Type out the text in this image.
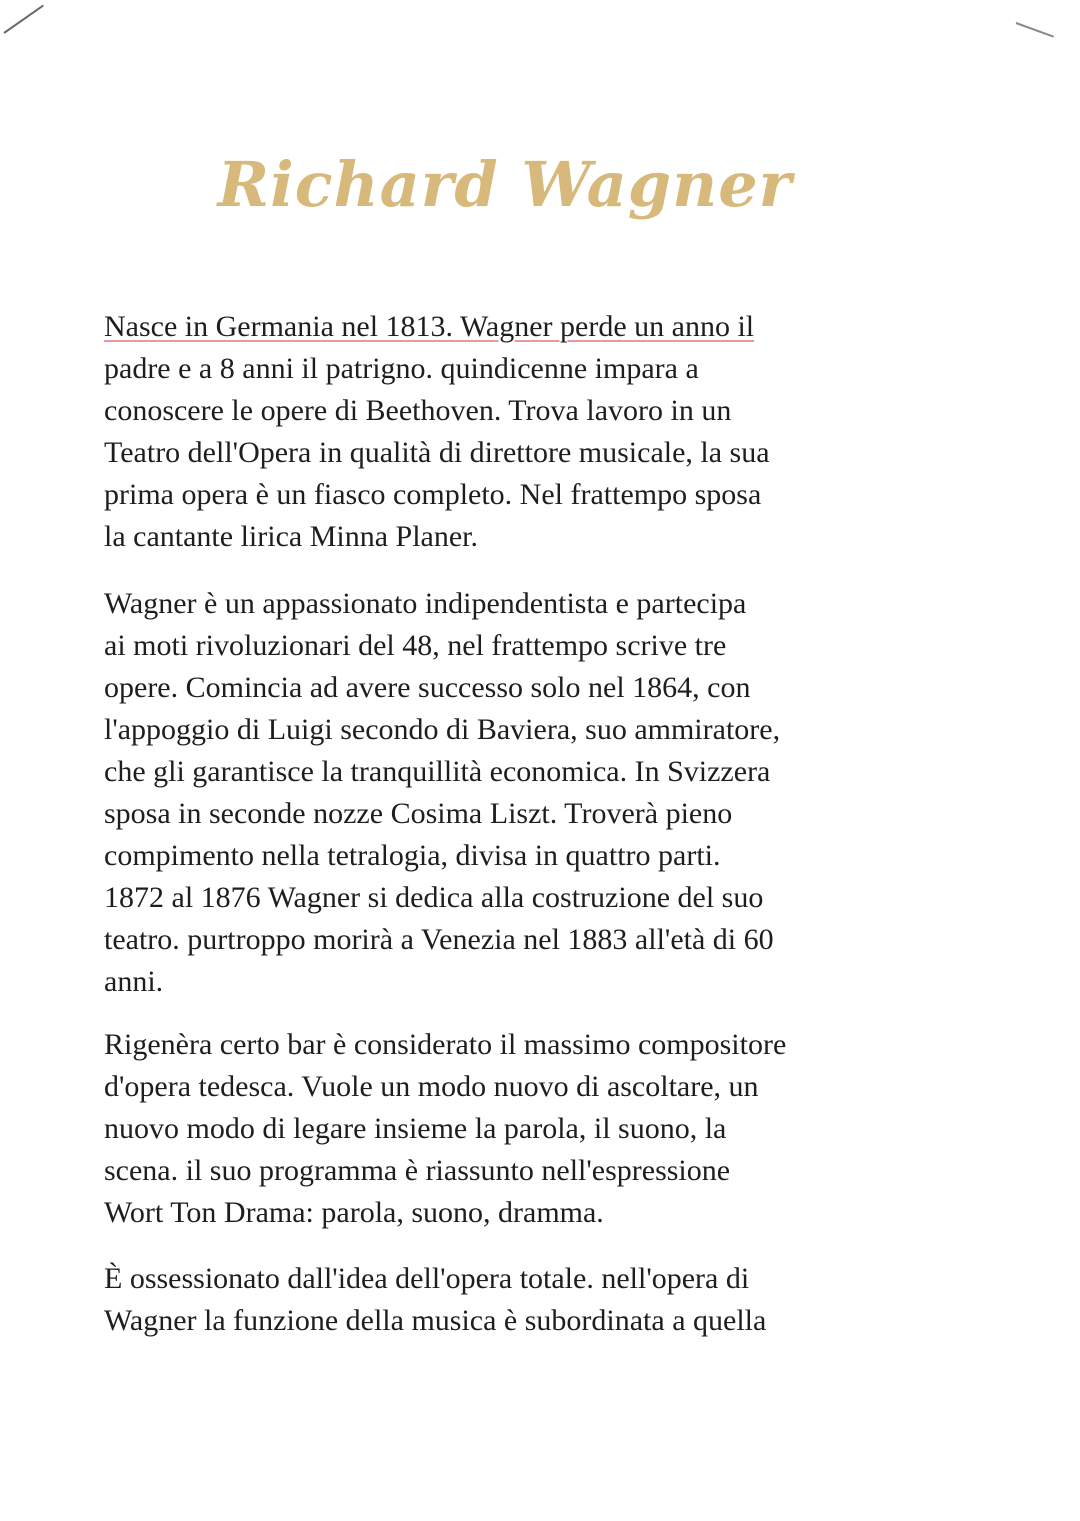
Richard Wagner

Nasce in Germania nel 1813. Wagner perde un anno il
padre e a 8 anni il patrigno. quindicenne impara a
conoscere le opere di Beethoven. Trova lavoro in un
Teatro dell'Opera in qualità di direttore musicale, la sua
prima opera è un fiasco completo. Nel frattempo sposa
la cantante lirica Minna Planer.

Wagner è un appassionato indipendentista e partecipa
ai moti rivoluzionari del 48, nel frattempo scrive tre
opere. Comincia ad avere successo solo nel 1864, con
l'appoggio di Luigi secondo di Baviera, suo ammiratore,
che gli garantisce la tranquillità economica. In Svizzera
sposa in seconde nozze Cosima Liszt. Troverà pieno
compimento nella tetralogia, divisa in quattro parti.
1872 al 1876 Wagner si dedica alla costruzione del suo
teatro. purtroppo morirà a Venezia nel 1883 all'età di 60
anni.

Rigenèra certo bar è considerato il massimo compositore
d'opera tedesca. Vuole un modo nuovo di ascoltare, un
nuovo modo di legare insieme la parola, il suono, la
scena. il suo programma è riassunto nell'espressione
Wort Ton Drama: parola, suono, dramma.

È ossessionato dall'idea dell'opera totale. nell'opera di
Wagner la funzione della musica è subordinata a quella
